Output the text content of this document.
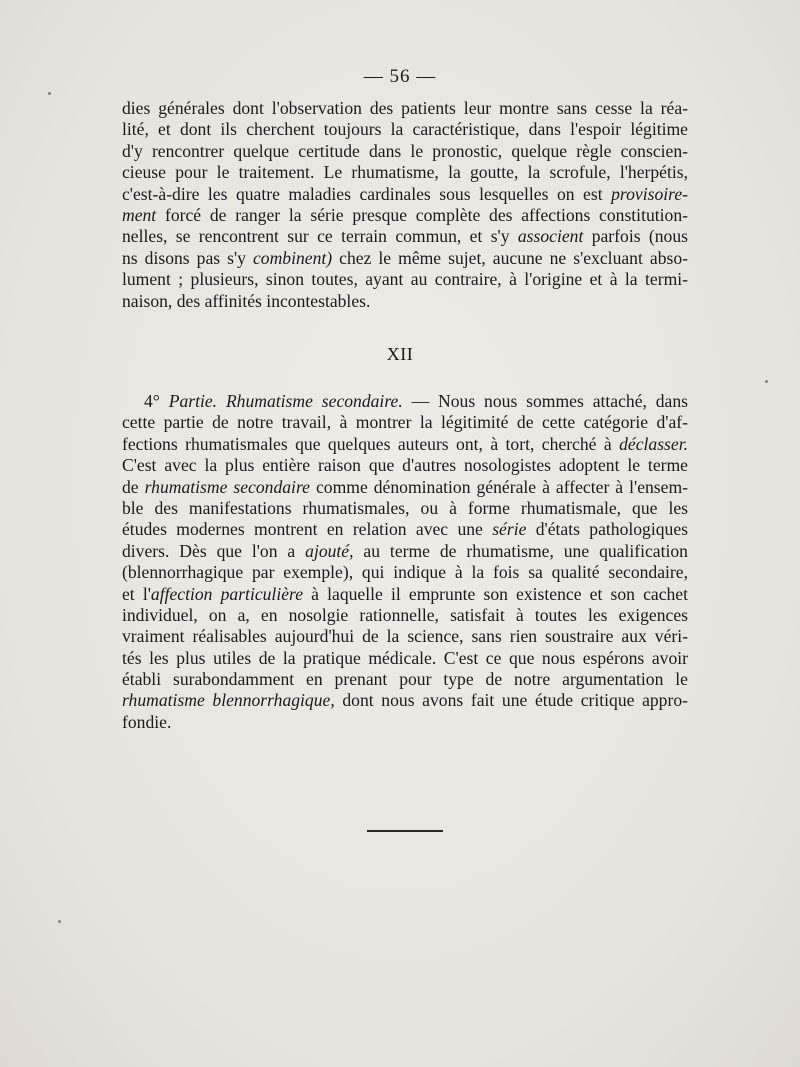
— 56 —
dies générales dont l'observation des patients leur montre sans cesse la réa-
lité, et dont ils cherchent toujours la caractéristique, dans l'espoir légitime
d'y rencontrer quelque certitude dans le pronostic, quelque règle conscien-
cieuse pour le traitement. Le rhumatisme, la goutte, la scrofule, l'herpétis,
c'est-à-dire les quatre maladies cardinales sous lesquelles on est provisoire-
ment forcé de ranger la série presque complète des affections constitution-
nelles, se rencontrent sur ce terrain commun, et s'y associent parfois (nous
ns disons pas s'y combinent) chez le même sujet, aucune ne s'excluant abso-
lument ; plusieurs, sinon toutes, ayant au contraire, à l'origine et à la termi-
naison, des affinités incontestables.
XII
4° Partie. Rhumatisme secondaire. — Nous nous sommes attaché, dans
cette partie de notre travail, à montrer la légitimité de cette catégorie d'af-
fections rhumatismales que quelques auteurs ont, à tort, cherché à déclasser.
C'est avec la plus entière raison que d'autres nosologistes adoptent le terme
de rhumatisme secondaire comme dénomination générale à affecter à l'ensem-
ble des manifestations rhumatismales, ou à forme rhumatismale, que les
études modernes montrent en relation avec une série d'états pathologiques
divers. Dès que l'on a ajouté, au terme de rhumatisme, une qualification
(blennorrhagique par exemple), qui indique à la fois sa qualité secondaire,
et l'affection particulière à laquelle il emprunte son existence et son cachet
individuel, on a, en nosolgie rationnelle, satisfait à toutes les exigences
vraiment réalisables aujourd'hui de la science, sans rien soustraire aux véri-
tés les plus utiles de la pratique médicale. C'est ce que nous espérons avoir
établi surabondamment en prenant pour type de notre argumentation le
rhumatisme blennorrhagique, dont nous avons fait une étude critique appro-
fondie.
